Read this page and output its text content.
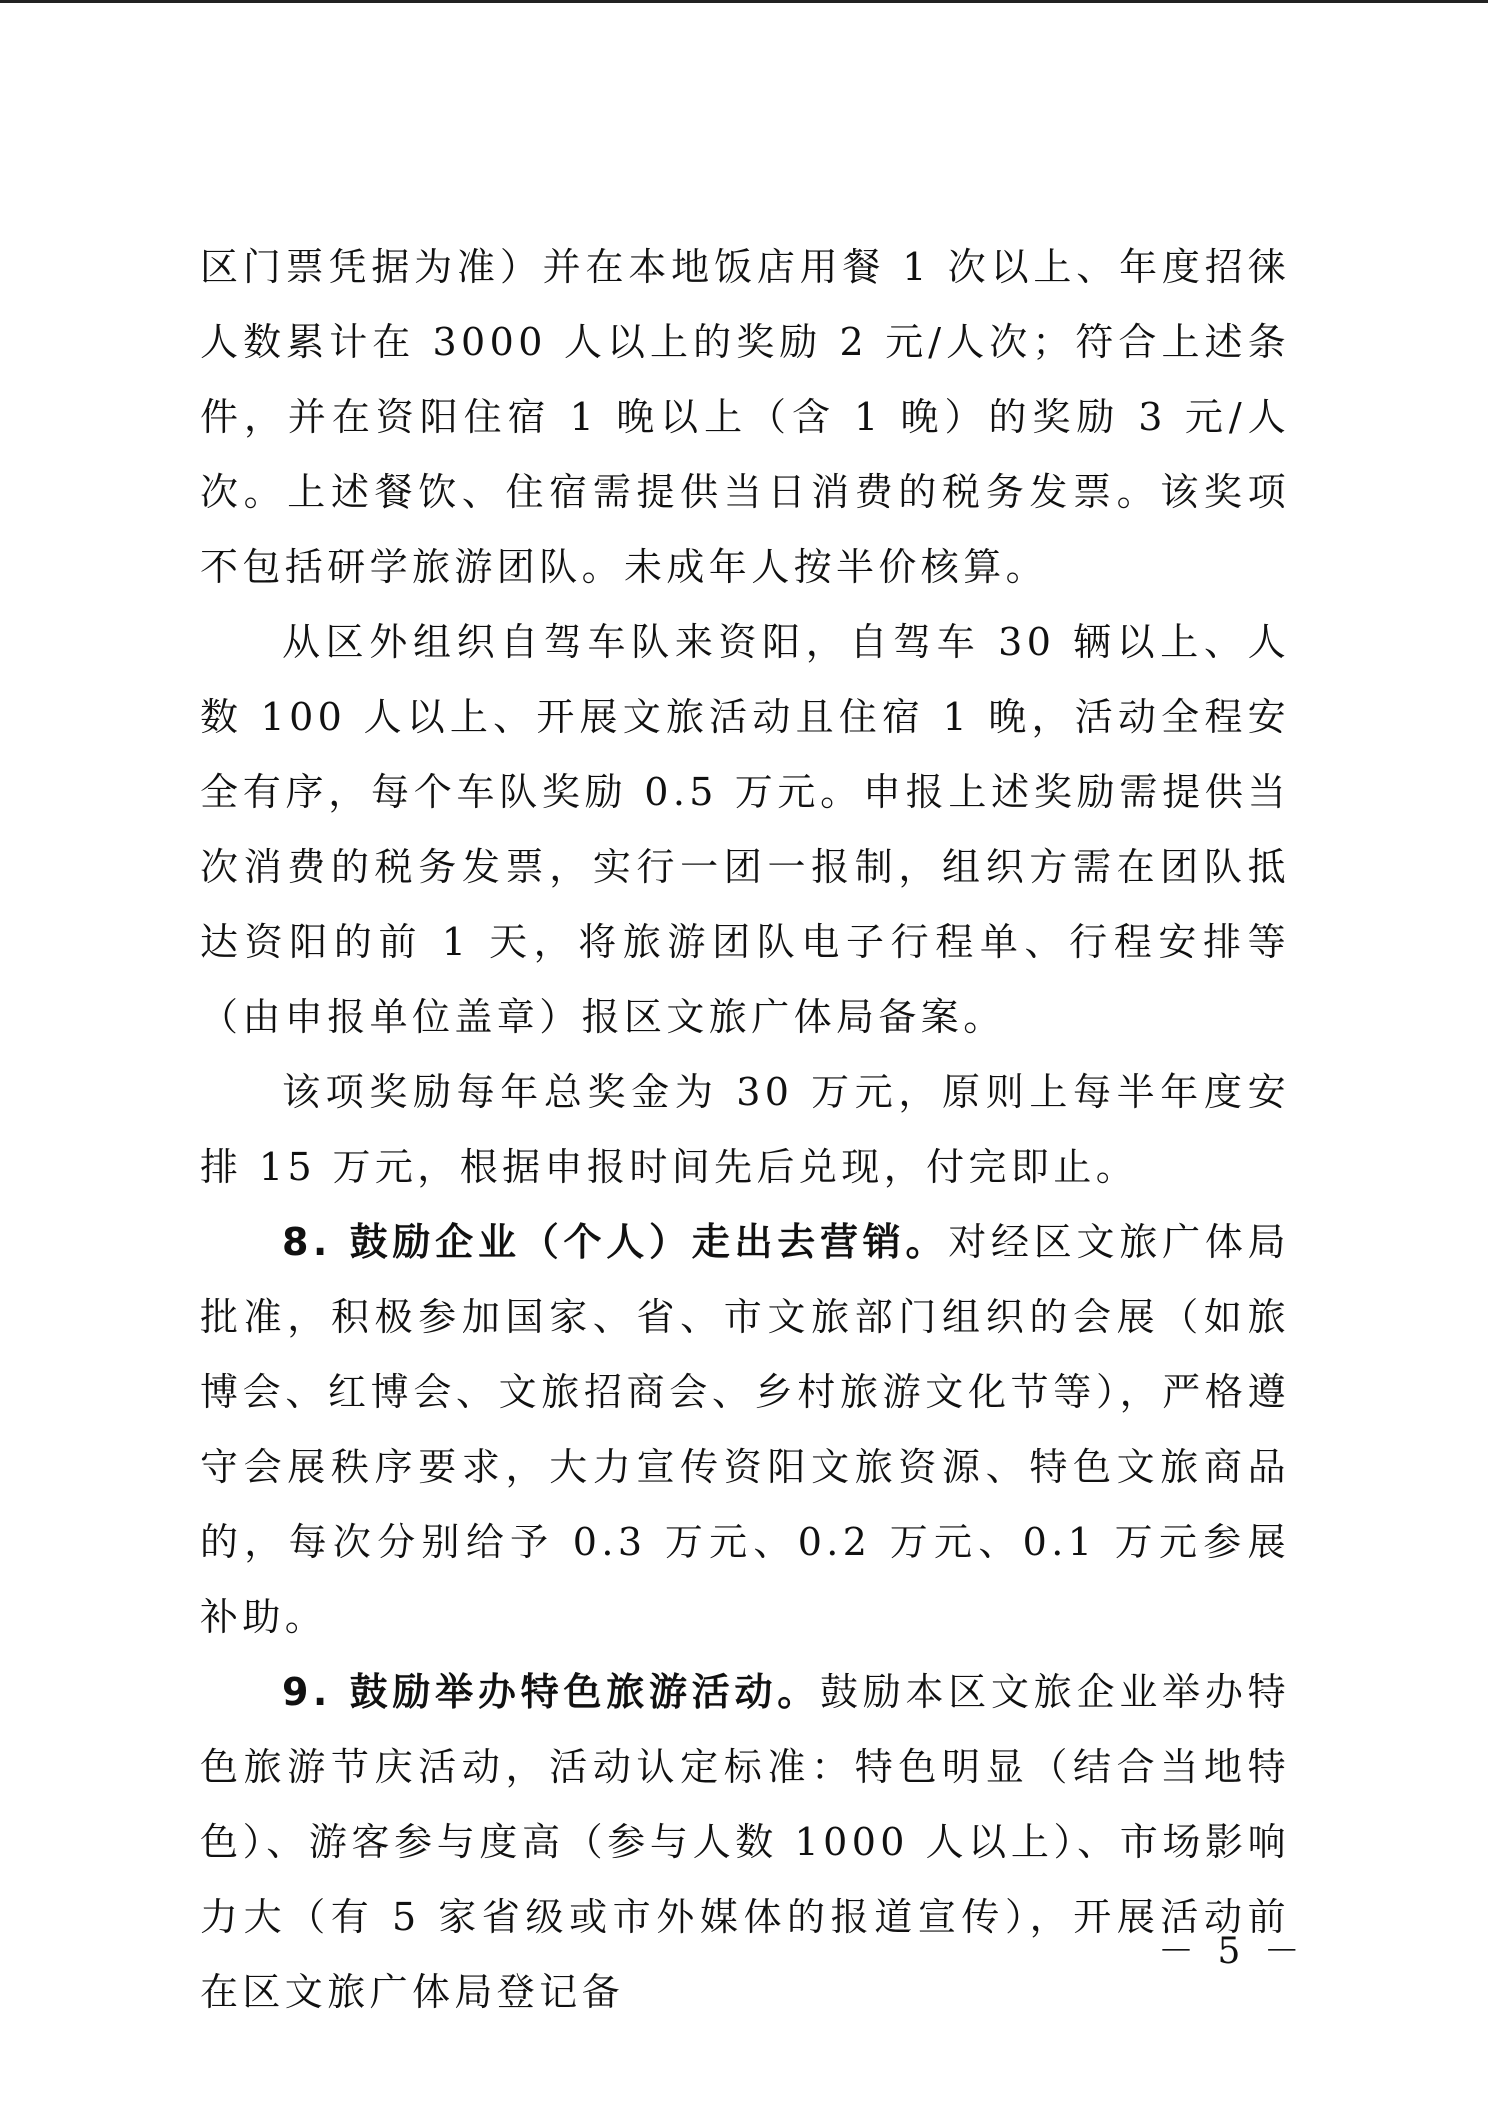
区门票凭据为准）并在本地饭店用餐 1 次以上、年度招徕人数累计在 3000 人以上的奖励 2 元/人次；符合上述条件，并在资阳住宿 1 晚以上（含 1 晚）的奖励 3 元/人次。上述餐饮、住宿需提供当日消费的税务发票。该奖项不包括研学旅游团队。未成年人按半价核算。

从区外组织自驾车队来资阳，自驾车 30 辆以上、人数 100 人以上、开展文旅活动且住宿 1 晚，活动全程安全有序，每个车队奖励 0.5 万元。申报上述奖励需提供当次消费的税务发票，实行一团一报制，组织方需在团队抵达资阳的前 1 天，将旅游团队电子行程单、行程安排等（由申报单位盖章）报区文旅广体局备案。

该项奖励每年总奖金为 30 万元，原则上每半年度安排 15 万元，根据申报时间先后兑现，付完即止。

8. 鼓励企业（个人）走出去营销。对经区文旅广体局批准，积极参加国家、省、市文旅部门组织的会展（如旅博会、红博会、文旅招商会、乡村旅游文化节等），严格遵守会展秩序要求，大力宣传资阳文旅资源、特色文旅商品的，每次分别给予 0.3 万元、0.2 万元、0.1 万元参展补助。

9. 鼓励举办特色旅游活动。鼓励本区文旅企业举办特色旅游节庆活动，活动认定标准：特色明显（结合当地特色）、游客参与度高（参与人数 1000 人以上）、市场影响力大（有 5 家省级或市外媒体的报道宣传），开展活动前在区文旅广体局登记备

－ 5 －
